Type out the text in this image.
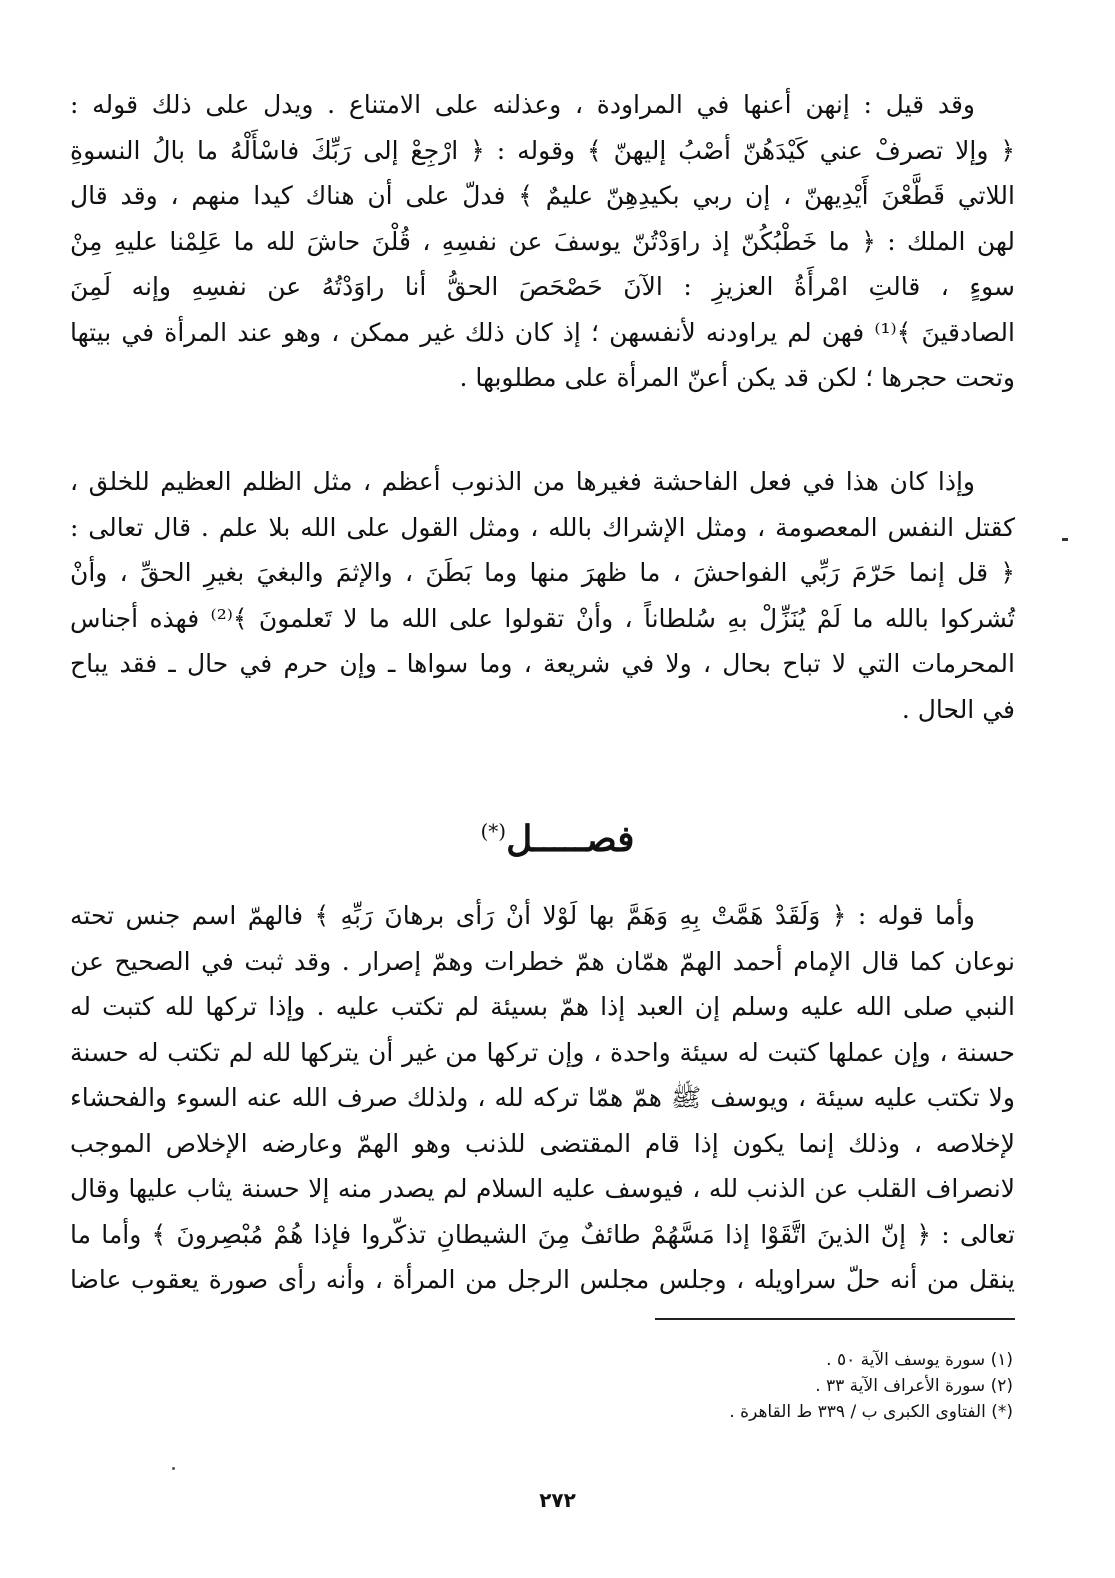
وقد قيل : إنهن أعنها في المراودة ، وعذلنه على الامتناع . ويدل على ذلك قوله :
﴿ وإلا تصرفْ عني كَيْدَهُنّ أصْبُ إليهنّ ﴾ وقوله : ﴿ ارْجِعْ إلى رَبِّكَ فاسْأَلْهُ ما بالُ النسوةِ
اللاتي قَطَّعْنَ أَيْدِيهنّ ، إن ربي بكيدِهِنّ عليمٌ ﴾ فدلّ على أن هناك كيدا منهم ، وقد قال
لهن الملك : ﴿ ما خَطْبُكُنّ إذ راوَدْتُنّ يوسفَ عن نفسِهِ ، قُلْنَ حاشَ لله ما عَلِمْنا عليهِ مِنْ
سوءٍ ، قالتِ امْرأَةُ العزيزِ : الآنَ حَصْحَصَ الحقُّ أنا راوَدْتُهُ عن نفسِهِ وإنه لَمِنَ
الصادقينَ ﴾⁽¹⁾ فهن لم يراودنه لأنفسهن ؛ إذ كان ذلك غير ممكن ، وهو عند المرأة في بيتها
وتحت حجرها ؛ لكن قد يكن أعنّ المرأة على مطلوبها .
وإذا كان هذا في فعل الفاحشة فغيرها من الذنوب أعظم ، مثل الظلم العظيم للخلق ،
كقتل النفس المعصومة ، ومثل الإشراك بالله ، ومثل القول على الله بلا علم . قال تعالى :
﴿ قل إنما حَرّمَ رَبِّي الفواحشَ ، ما ظهرَ منها وما بَطَنَ ، والإثمَ والبغيَ بغيرِ الحقِّ ، وأنْ
تُشركوا بالله ما لَمْ يُنَزِّلْ بهِ سُلطاناً ، وأنْ تقولوا على الله ما لا تَعلمونَ ﴾⁽²⁾ فهذه أجناس
المحرمات التي لا تباح بحال ، ولا في شريعة ، وما سواها ـ وإن حرم في حال ـ فقد يباح
في الحال .
فصـــــل(*)
وأما قوله : ﴿ وَلَقَدْ هَمَّتْ بِهِ وَهَمَّ بها لَوْلا أنْ رَأى برهانَ رَبِّهِ ﴾ فالهمّ اسم جنس تحته
نوعان كما قال الإمام أحمد الهمّ همّان همّ خطرات وهمّ إصرار . وقد ثبت في الصحيح عن
النبي صلى الله عليه وسلم إن العبد إذا همّ بسيئة لم تكتب عليه . وإذا تركها لله كتبت له
حسنة ، وإن عملها كتبت له سيئة واحدة ، وإن تركها من غير أن يتركها لله لم تكتب له حسنة
ولا تكتب عليه سيئة ، ويوسف ﷺ همّ همّا تركه لله ، ولذلك صرف الله عنه السوء والفحشاء
لإخلاصه ، وذلك إنما يكون إذا قام المقتضى للذنب وهو الهمّ وعارضه الإخلاص الموجب
لانصراف القلب عن الذنب لله ، فيوسف عليه السلام لم يصدر منه إلا حسنة يثاب عليها وقال
تعالى : ﴿ إنّ الذينَ اتَّقَوْا إذا مَسَّهُمْ طائفٌ مِنَ الشيطانِ تذكّروا فإذا هُمْ مُبْصِرونَ ﴾ وأما ما
ينقل من أنه حلّ سراويله ، وجلس مجلس الرجل من المرأة ، وأنه رأى صورة يعقوب عاضا
(١) سورة يوسف الآية ٥٠ .
(٢) سورة الأعراف الآية ٣٣ .
(*) الفتاوى الكبرى ب / ٣٣٩ ط القاهرة .
٢٧٢
